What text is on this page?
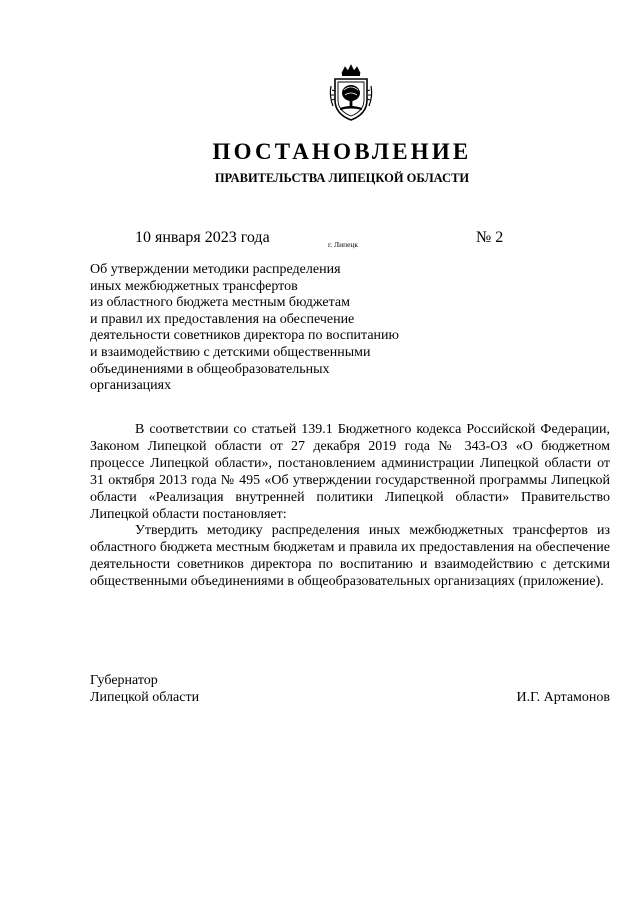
ПОСТАНОВЛЕНИЕ
ПРАВИТЕЛЬСТВА ЛИПЕЦКОЙ ОБЛАСТИ
10 января 2023 года	г. Липецк	№ 2
Об утверждении методики распределения
иных межбюджетных трансфертов
из областного бюджета местным бюджетам
и правил их предоставления на обеспечение
деятельности советников директора по воспитанию
и взаимодействию с детскими общественными
объединениями в общеобразовательных
организациях

В соответствии со статьей 139.1 Бюджетного кодекса Российской Федерации, Законом Липецкой области от 27 декабря 2019 года № 343-ОЗ «О бюджетном процессе Липецкой области», постановлением администрации Липецкой области от 31 октября 2013 года № 495 «Об утверждении государственной программы Липецкой области «Реализация внутренней политики Липецкой области» Правительство Липецкой области постановляет:

Утвердить методику распределения иных межбюджетных трансфертов из областного бюджета местным бюджетам и правила их предоставления на обеспечение деятельности советников директора по воспитанию и взаимодействию с детскими общественными объединениями в общеобразовательных организациях (приложение).

Губернатор
Липецкой области	И.Г. Артамонов
